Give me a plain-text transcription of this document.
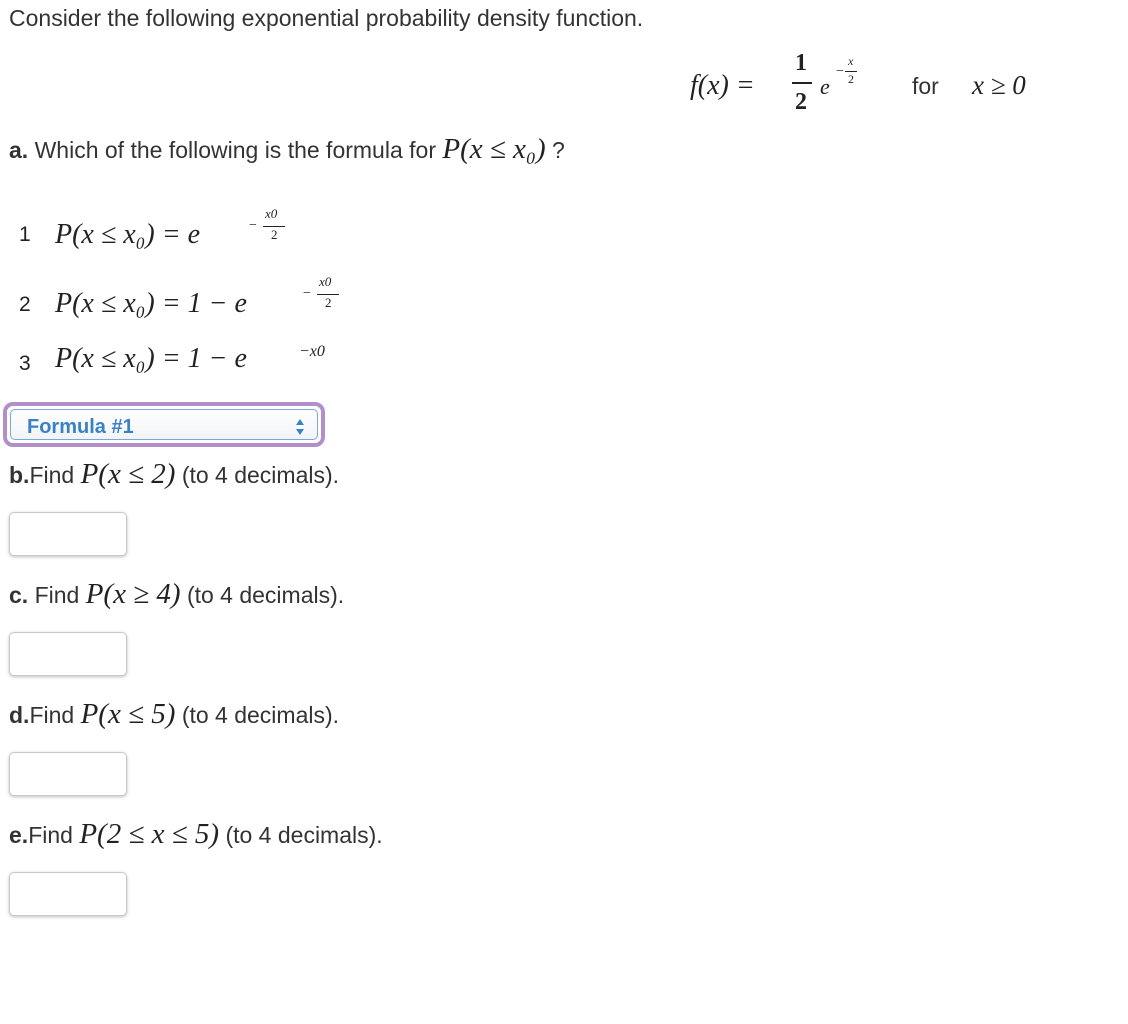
Consider the following exponential probability density function.
f(x) =
1
2
e
−
x
2	for x ≥ 0
a. Which of the following is the formula for P(x ≤ x₀) ?
1 P(x ≤ x₀) = e	−
x0
2
2 P(x ≤ x₀) = 1 − e	−
x0
2
3 P(x ≤ x₀) = 1 − e	−x0
Formula #1
b.Find P(x ≤ 2) (to 4 decimals).
c. Find P(x ≥ 4) (to 4 decimals).
d.Find P(x ≤ 5) (to 4 decimals).
e.Find P(2 ≤ x ≤ 5) (to 4 decimals).
